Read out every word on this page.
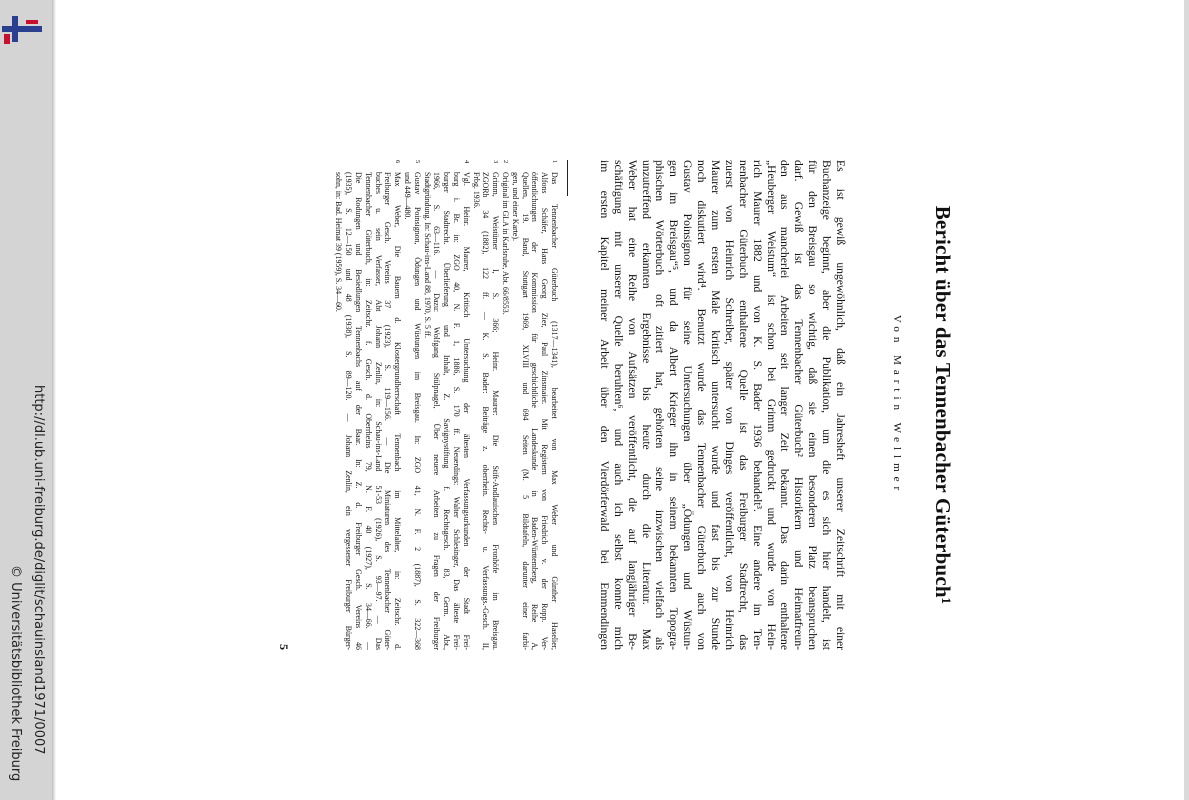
http://dl.ub.uni-freiburg.de/diglit/schauinsland1971/0007
© Universitätsbibliothek Freiburg
Bericht über das Tennenbacher Güterbuch¹
Von Martin Wellmer
Es ist gewiß ungewöhnlich, daß ein Jahresheft unserer Zeitschrift mit einer
Buchanzeige beginnt, aber die Publikation, um die es sich hier handelt, ist
für den Breisgau so wichtig, daß sie einen besonderen Platz beanspruchen
darf. Gewiß ist das Tennenbacher Güterbuch² Historikern und Heimatfreun-
den aus mancherlei Arbeiten seit langer Zeit bekannt. Das darin enthaltene
„Heuberger Weistum“ ist schon bei Grimm gedruckt und wurde von Hein-
rich Maurer 1882 und von K. S. Bader 1936 behandelt³. Eine andere im Ten-
nenbacher Güterbuch enthaltene Quelle ist das Freiburger Stadtrecht, das
zuerst von Heinrich Schreiber, später von Dinges veröffentlicht, von Heinrich
Maurer zum ersten Male kritisch untersucht wurde und fast bis zur Stunde
noch diskutiert wird⁴. Benutzt wurde das Tennenbacher Güterbuch auch von
Gustav Poinsignon für seine Untersuchungen über „Ödungen und Wüstun-
gen im Breisgau“⁵, und da Albert Krieger ihn in seinem bekannten Topogra-
phischen Wörterbuch oft zitiert hat, gehörten seine inzwischen vielfach als
unzutreffend erkannten Ergebnisse bis heute durch die Literatur. Max
Weber hat eine Reihe von Aufsätzen veröffentlicht, die auf langjähriger Be-
schäftigung mit unserer Quelle beruhten⁶, und auch ich selbst konnte mich
im ersten Kapitel meiner Arbeit über den Vierdörferwald bei Emmendingen
1
Das Tennenbacher Güterbuch (1317—1341), bearbeitet von Max Weber und Günther Haselier,
Alfons Schäfer, Hans Georg Zier, Paul Zinsmaier. Mit Registern von Friedrich v. der Ropp. Ver-
öffentlichungen der Kommission für geschichtliche Landeskunde in Baden-Württemberg, Reihe A,
Quellen, 19. Band, Stuttgart 1969, XLVIII und 694 Seiten (M. 5 Bildtafeln, darunter einer farbi-
gen, und einer Karte).
2
Original im GLA in Karlsruhe, Abt. 66/8553.
3
Grimm, Weistümer I, S. 366; Heinr. Maurer: Die Stift-Andlauischen Fronhöfe im Breisgau.
ZGORh 34 (1882), 122 ff. — K. S. Bader: Beiträge z. oberrhein. Rechts- u. Verfassungs.-Gesch. II,
Frbg. 1936.
4
Vgl. Heinr. Maurer, Kritisch Untersuchung der ältesten Verfassungsurkunden der Stadt Frei-
burg i. Br. in: ZGO 40, N. F. 1, 1886, S. 170 ff. Neuerdings: Walter Schlesinger, Das älteste Frei-
burger Stadtrecht. Überlieferung und Inhalt, Z. Savignystiftung f. Rechtsgesch. 83, Germ. Abt.,
1966, S. 63—116. — Dazu: Wolfgang Stülpnagel, Über neuere Arbeiten zu Fragen der Freiburger
Stadtgründung. In: Schau-ins-Land 88, 1970, S. 5 ff.
5
Gustav Poinsignon, Ödungen und Wüstungen im Breisgau. In: ZGO 41, N. F. 2 (1887), S. 322—368
und 449—480.
6
Max Weber, Die Bauern d. Klostergrundherrschaft Tennenbach im Mittelalter, in: Zeitschr. d.
Freiburger Gesch. Vereins 37 (1923), S. 119—156. — Die Miniaturen des Tennenbacher Güter-
buches u. sein Verfasser, Abt Johann Zenlin, in: Schau-ins-Land 51-53 (1926), S. 93—97. — Das
Tennenbacher Güterbuch, in: Zeitschr. f. Gesch. d. Oberrheins 79, N. F. 40 (1927), S. 34—66. —
Die Rodungen und Besiedlungen Tennenbachs auf der Baar. In: Z. d. Freiburger Gesch. Vereins 46
(1935), S. 12—150 und 48 (1938), S. 89—120. — Johann Zenlin, ein vergessener Freiburger Bürger-
sohn, in: Bad. Heimat 39 (1959), S. 34—60.
5
